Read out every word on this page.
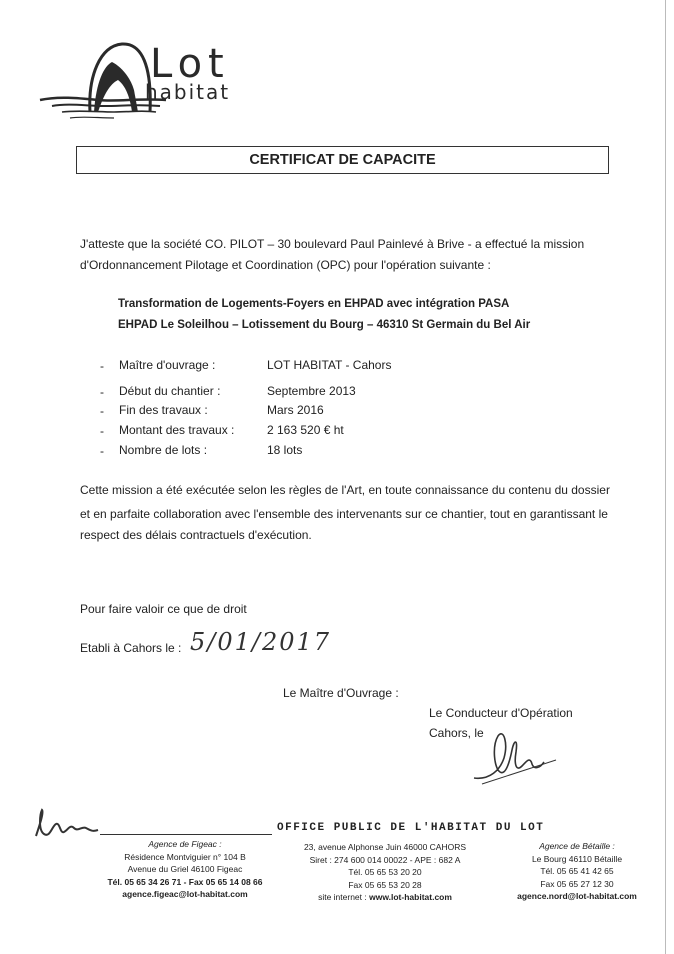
Lot
habitat
CERTIFICAT DE CAPACITE
J'atteste que la société CO. PILOT – 30 boulevard Paul Painlevé à Brive - a effectué la mission
d'Ordonnancement Pilotage et Coordination (OPC) pour l'opération suivante :
Transformation de Logements-Foyers en EHPAD avec intégration PASA
EHPAD Le Soleilhou – Lotissement du Bourg – 46310 St Germain du Bel Air
- Maître d'ouvrage :	LOT HABITAT - Cahors
- Début du chantier :	Septembre 2013
- Fin des travaux :	Mars 2016
- Montant des travaux :	2 163 520 € ht
- Nombre de lots :	18 lots
Cette mission a été exécutée selon les règles de l'Art, en toute connaissance du contenu du dossier
et en parfaite collaboration avec l'ensemble des intervenants sur ce chantier, tout en garantissant le
respect des délais contractuels d'exécution.
Pour faire valoir ce que de droit
Etabli à Cahors le : 5/01/2017
Le Maître d'Ouvrage :
Le Conducteur d'Opération
Cahors, le
OFFICE PUBLIC DE L'HABITAT DU LOT
Agence de Figeac :
Résidence Montviguier n° 104 B
Avenue du Griel 46100 Figeac
Tél. 05 65 34 26 71 - Fax 05 65 14 08 66
agence.figeac@lot-habitat.com
23, avenue Alphonse Juin 46000 CAHORS
Siret : 274 600 014 00022 - APE : 682 A
Tél. 05 65 53 20 20
Fax 05 65 53 20 28
site internet : www.lot-habitat.com
Agence de Bétaille :
Le Bourg 46110 Bétaille
Tél. 05 65 41 42 65
Fax 05 65 27 12 30
agence.nord@lot-habitat.com
